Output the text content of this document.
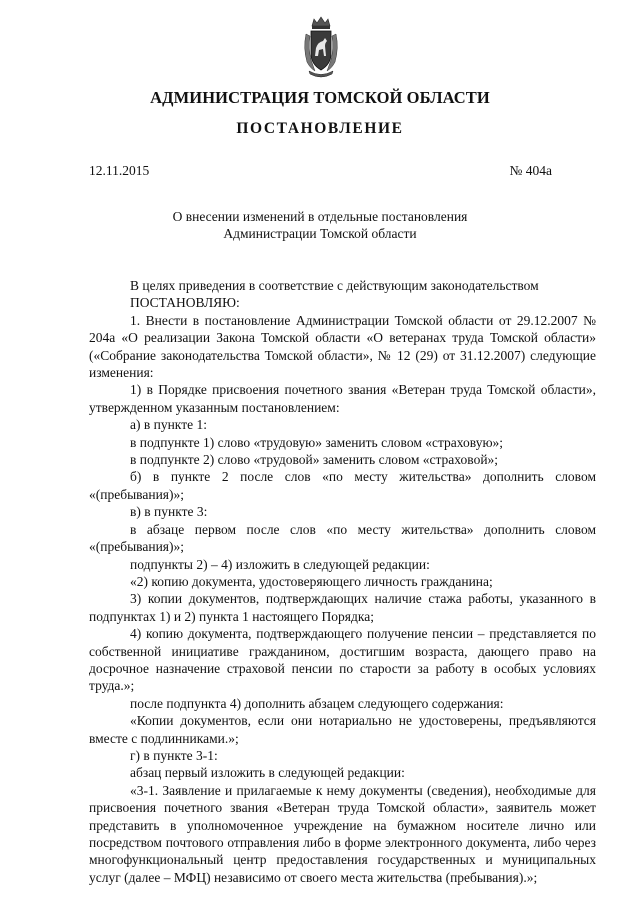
АДМИНИСТРАЦИЯ ТОМСКОЙ ОБЛАСТИ
ПОСТАНОВЛЕНИЕ
12.11.2015	№ 404а
О внесении изменений в отдельные постановления
Администрации Томской области

В целях приведения в соответствие с действующим законодательством

ПОСТАНОВЛЯЮ:

1. Внести в постановление Администрации Томской области от 29.12.2007 № 204а «О реализации Закона Томской области «О ветеранах труда Томской области» («Собрание законодательства Томской области», № 12 (29) от 31.12.2007) следующие изменения:

1) в Порядке присвоения почетного звания «Ветеран труда Томской области», утвержденном указанным постановлением:

а) в пункте 1:

в подпункте 1) слово «трудовую» заменить словом «страховую»;

в подпункте 2) слово «трудовой» заменить словом «страховой»;

б) в пункте 2 после слов «по месту жительства» дополнить словом «(пребывания)»;

в) в пункте 3:

в абзаце первом после слов «по месту жительства» дополнить словом «(пребывания)»;

подпункты 2) – 4) изложить в следующей редакции:

«2) копию документа, удостоверяющего личность гражданина;

3) копии документов, подтверждающих наличие стажа работы, указанного в подпунктах 1) и 2) пункта 1 настоящего Порядка;

4) копию документа, подтверждающего получение пенсии – представляется по собственной инициативе гражданином, достигшим возраста, дающего право на досрочное назначение страховой пенсии по старости за работу в особых условиях труда.»;

после подпункта 4) дополнить абзацем следующего содержания:

«Копии документов, если они нотариально не удостоверены, предъявляются вместе с подлинниками.»;

г) в пункте 3-1:

абзац первый изложить в следующей редакции:

«3-1. Заявление и прилагаемые к нему документы (сведения), необходимые для присвоения почетного звания «Ветеран труда Томской области», заявитель может представить в уполномоченное учреждение на бумажном носителе лично или посредством почтового отправления либо в форме электронного документа, либо через многофункциональный центр предоставления государственных и муниципальных услуг (далее – МФЦ) независимо от своего места жительства (пребывания).»;
